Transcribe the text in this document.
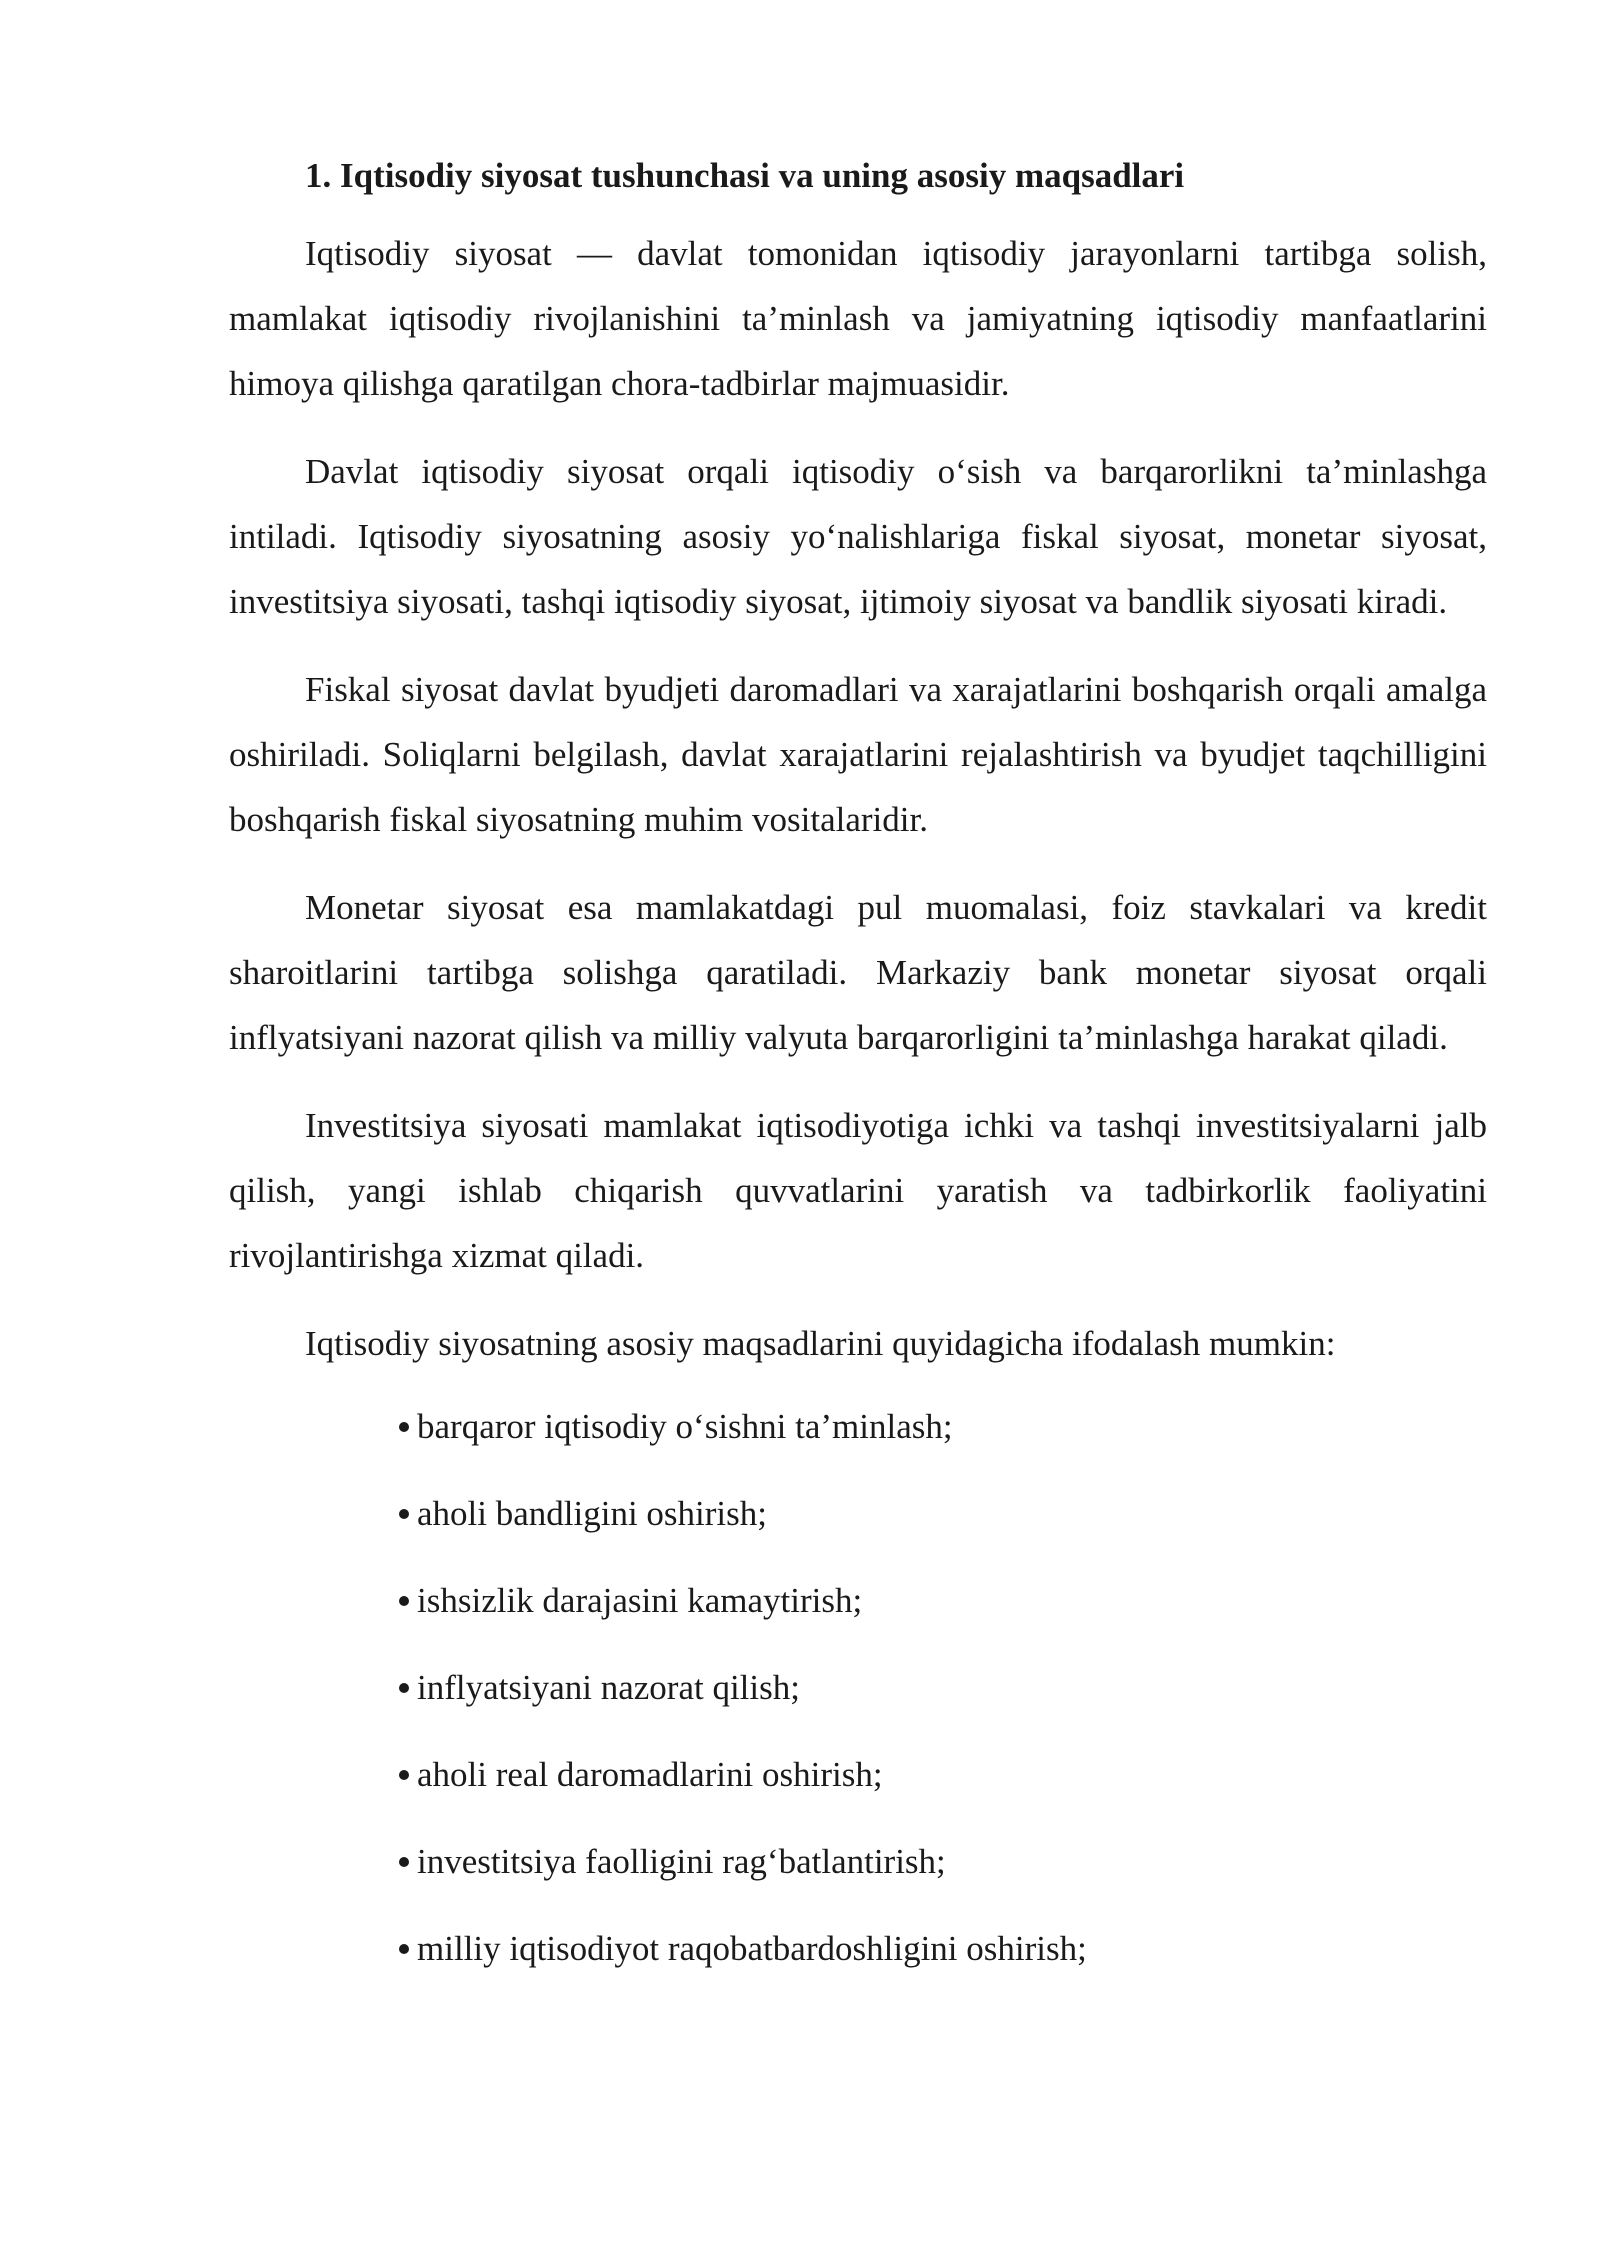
1. Iqtisodiy siyosat tushunchasi va uning asosiy maqsadlari

Iqtisodiy siyosat — davlat tomonidan iqtisodiy jarayonlarni tartibga solish, mamlakat iqtisodiy rivojlanishini ta’minlash va jamiyatning iqtisodiy manfaatlarini himoya qilishga qaratilgan chora-tadbirlar majmuasidir.

Davlat iqtisodiy siyosat orqali iqtisodiy o‘sish va barqarorlikni ta’minlashga intiladi. Iqtisodiy siyosatning asosiy yo‘nalishlariga fiskal siyosat, monetar siyosat, investitsiya siyosati, tashqi iqtisodiy siyosat, ijtimoiy siyosat va bandlik siyosati kiradi.

Fiskal siyosat davlat byudjeti daromadlari va xarajatlarini boshqarish orqali amalga oshiriladi. Soliqlarni belgilash, davlat xarajatlarini rejalashtirish va byudjet taqchilligini boshqarish fiskal siyosatning muhim vositalaridir.

Monetar siyosat esa mamlakatdagi pul muomalasi, foiz stavkalari va kredit sharoitlarini tartibga solishga qaratiladi. Markaziy bank monetar siyosat orqali inflyatsiyani nazorat qilish va milliy valyuta barqarorligini ta’minlashga harakat qiladi.

Investitsiya siyosati mamlakat iqtisodiyotiga ichki va tashqi investitsiyalarni jalb qilish, yangi ishlab chiqarish quvvatlarini yaratish va tadbirkorlik faoliyatini rivojlantirishga xizmat qiladi.

Iqtisodiy siyosatning asosiy maqsadlarini quyidagicha ifodalash mumkin:

barqaror iqtisodiy o‘sishni ta’minlash;
aholi bandligini oshirish;
ishsizlik darajasini kamaytirish;
inflyatsiyani nazorat qilish;
aholi real daromadlarini oshirish;
investitsiya faolligini rag‘batlantirish;
milliy iqtisodiyot raqobatbardoshligini oshirish;
